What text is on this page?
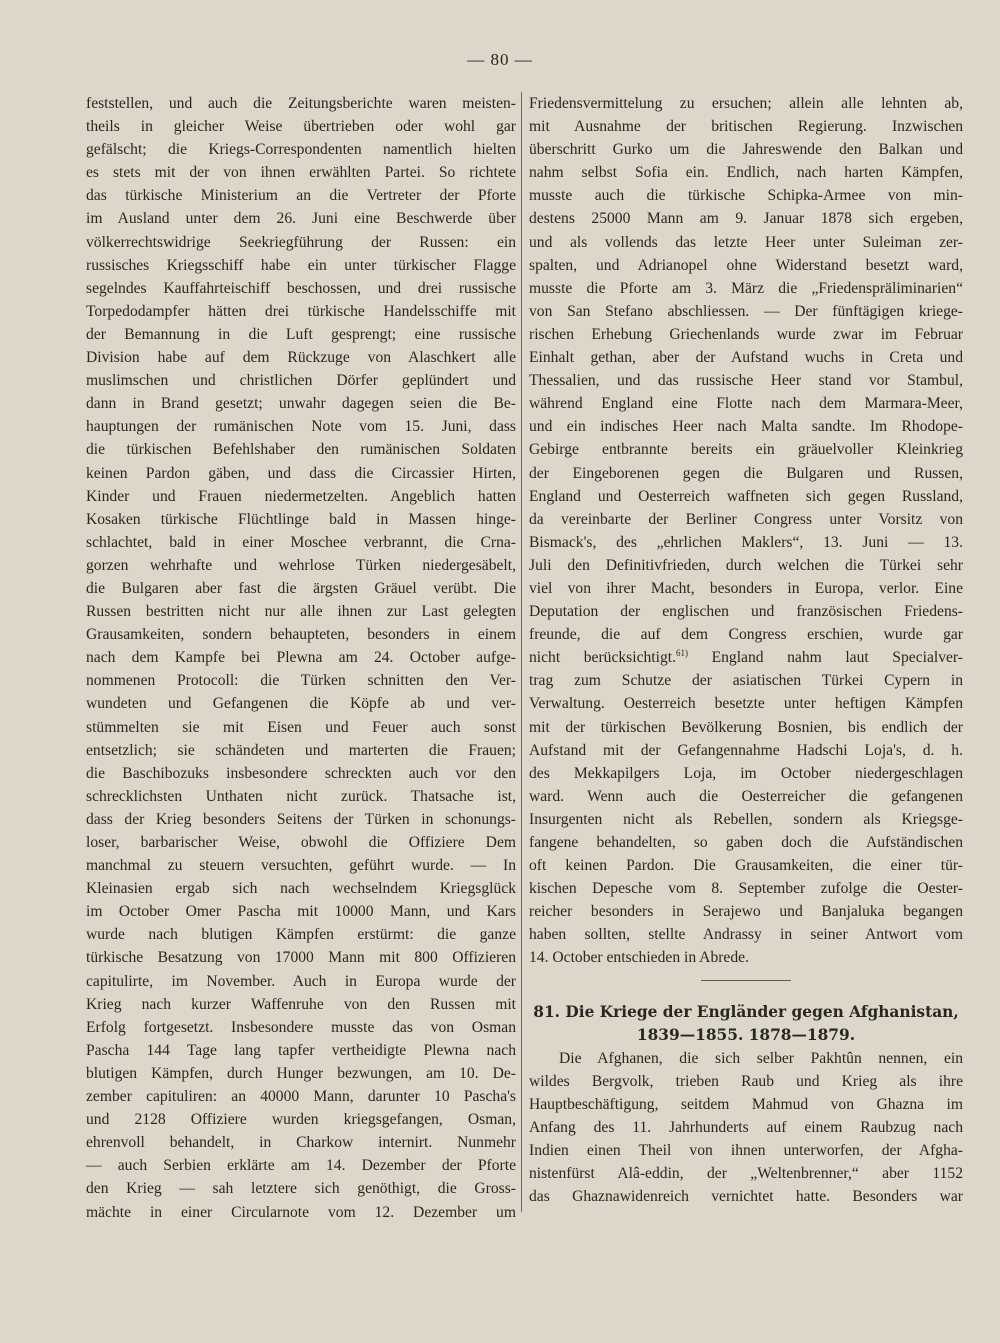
— 80 —
feststellen, und auch die Zeitungsberichte waren meisten-
theils in gleicher Weise übertrieben oder wohl gar
gefälscht; die Kriegs-Correspondenten namentlich hielten
es stets mit der von ihnen erwählten Partei. So richtete
das türkische Ministerium an die Vertreter der Pforte
im Ausland unter dem 26. Juni eine Beschwerde über
völkerrechtswidrige Seekriegführung der Russen: ein
russisches Kriegsschiff habe ein unter türkischer Flagge
segelndes Kauffahrteischiff beschossen, und drei russische
Torpedodampfer hätten drei türkische Handelsschiffe mit
der Bemannung in die Luft gesprengt; eine russische
Division habe auf dem Rückzuge von Alaschkert alle
muslimschen und christlichen Dörfer geplündert und
dann in Brand gesetzt; unwahr dagegen seien die Be-
hauptungen der rumänischen Note vom 15. Juni, dass
die türkischen Befehlshaber den rumänischen Soldaten
keinen Pardon gäben, und dass die Circassier Hirten,
Kinder und Frauen niedermetzelten. Angeblich hatten
Kosaken türkische Flüchtlinge bald in Massen hinge-
schlachtet, bald in einer Moschee verbrannt, die Crna-
gorzen wehrhafte und wehrlose Türken niedergesäbelt,
die Bulgaren aber fast die ärgsten Gräuel verübt. Die
Russen bestritten nicht nur alle ihnen zur Last gelegten
Grausamkeiten, sondern behaupteten, besonders in einem
nach dem Kampfe bei Plewna am 24. October aufge-
nommenen Protocoll: die Türken schnitten den Ver-
wundeten und Gefangenen die Köpfe ab und ver-
stümmelten sie mit Eisen und Feuer auch sonst
entsetzlich; sie schändeten und marterten die Frauen;
die Baschibozuks insbesondere schreckten auch vor den
schrecklichsten Unthaten nicht zurück. Thatsache ist,
dass der Krieg besonders Seitens der Türken in schonungs-
loser, barbarischer Weise, obwohl die Offiziere Dem
manchmal zu steuern versuchten, geführt wurde. — In
Kleinasien ergab sich nach wechselndem Kriegsglück
im October Omer Pascha mit 10000 Mann, und Kars
wurde nach blutigen Kämpfen erstürmt: die ganze
türkische Besatzung von 17000 Mann mit 800 Offizieren
capitulirte, im November. Auch in Europa wurde der
Krieg nach kurzer Waffenruhe von den Russen mit
Erfolg fortgesetzt. Insbesondere musste das von Osman
Pascha 144 Tage lang tapfer vertheidigte Plewna nach
blutigen Kämpfen, durch Hunger bezwungen, am 10. De-
zember capituliren: an 40000 Mann, darunter 10 Pascha's
und 2128 Offiziere wurden kriegsgefangen, Osman,
ehrenvoll behandelt, in Charkow internirt. Nunmehr
— auch Serbien erklärte am 14. Dezember der Pforte
den Krieg — sah letztere sich genöthigt, die Gross-
mächte in einer Circularnote vom 12. Dezember um
Friedensvermittelung zu ersuchen; allein alle lehnten ab,
mit Ausnahme der britischen Regierung. Inzwischen
überschritt Gurko um die Jahreswende den Balkan und
nahm selbst Sofia ein. Endlich, nach harten Kämpfen,
musste auch die türkische Schipka-Armee von min-
destens 25000 Mann am 9. Januar 1878 sich ergeben,
und als vollends das letzte Heer unter Suleiman zer-
spalten, und Adrianopel ohne Widerstand besetzt ward,
musste die Pforte am 3. März die „Friedenspräliminarien“
von San Stefano abschliessen. — Der fünftägigen kriege-
rischen Erhebung Griechenlands wurde zwar im Februar
Einhalt gethan, aber der Aufstand wuchs in Creta und
Thessalien, und das russische Heer stand vor Stambul,
während England eine Flotte nach dem Marmara-Meer,
und ein indisches Heer nach Malta sandte. Im Rhodope-
Gebirge entbrannte bereits ein gräuelvoller Kleinkrieg
der Eingeborenen gegen die Bulgaren und Russen,
England und Oesterreich waffneten sich gegen Russland,
da vereinbarte der Berliner Congress unter Vorsitz von
Bismack's, des „ehrlichen Maklers“, 13. Juni — 13.
Juli den Definitivfrieden, durch welchen die Türkei sehr
viel von ihrer Macht, besonders in Europa, verlor. Eine
Deputation der englischen und französischen Friedens-
freunde, die auf dem Congress erschien, wurde gar
nicht berücksichtigt.$^{61)}$ England nahm laut Specialver-
trag zum Schutze der asiatischen Türkei Cypern in
Verwaltung. Oesterreich besetzte unter heftigen Kämpfen
mit der türkischen Bevölkerung Bosnien, bis endlich der
Aufstand mit der Gefangennahme Hadschi Loja's, d. h.
des Mekkapilgers Loja, im October niedergeschlagen
ward. Wenn auch die Oesterreicher die gefangenen
Insurgenten nicht als Rebellen, sondern als Kriegsge-
fangene behandelten, so gaben doch die Aufständischen
oft keinen Pardon. Die Grausamkeiten, die einer tür-
kischen Depesche vom 8. September zufolge die Oester-
reicher besonders in Serajewo und Banjaluka begangen
haben sollten, stellte Andrassy in seiner Antwort vom
14. October entschieden in Abrede.
81. Die Kriege der Engländer gegen Afghanistan,
1839—1855. 1878—1879.
Die Afghanen, die sich selber Pakhtûn nennen, ein
wildes Bergvolk, trieben Raub und Krieg als ihre
Hauptbeschäftigung, seitdem Mahmud von Ghazna im
Anfang des 11. Jahrhunderts auf einem Raubzug nach
Indien einen Theil von ihnen unterworfen, der Afgha-
nistenfürst Alâ-eddin, der „Weltenbrenner,“ aber 1152
das Ghaznawidenreich vernichtet hatte. Besonders war
